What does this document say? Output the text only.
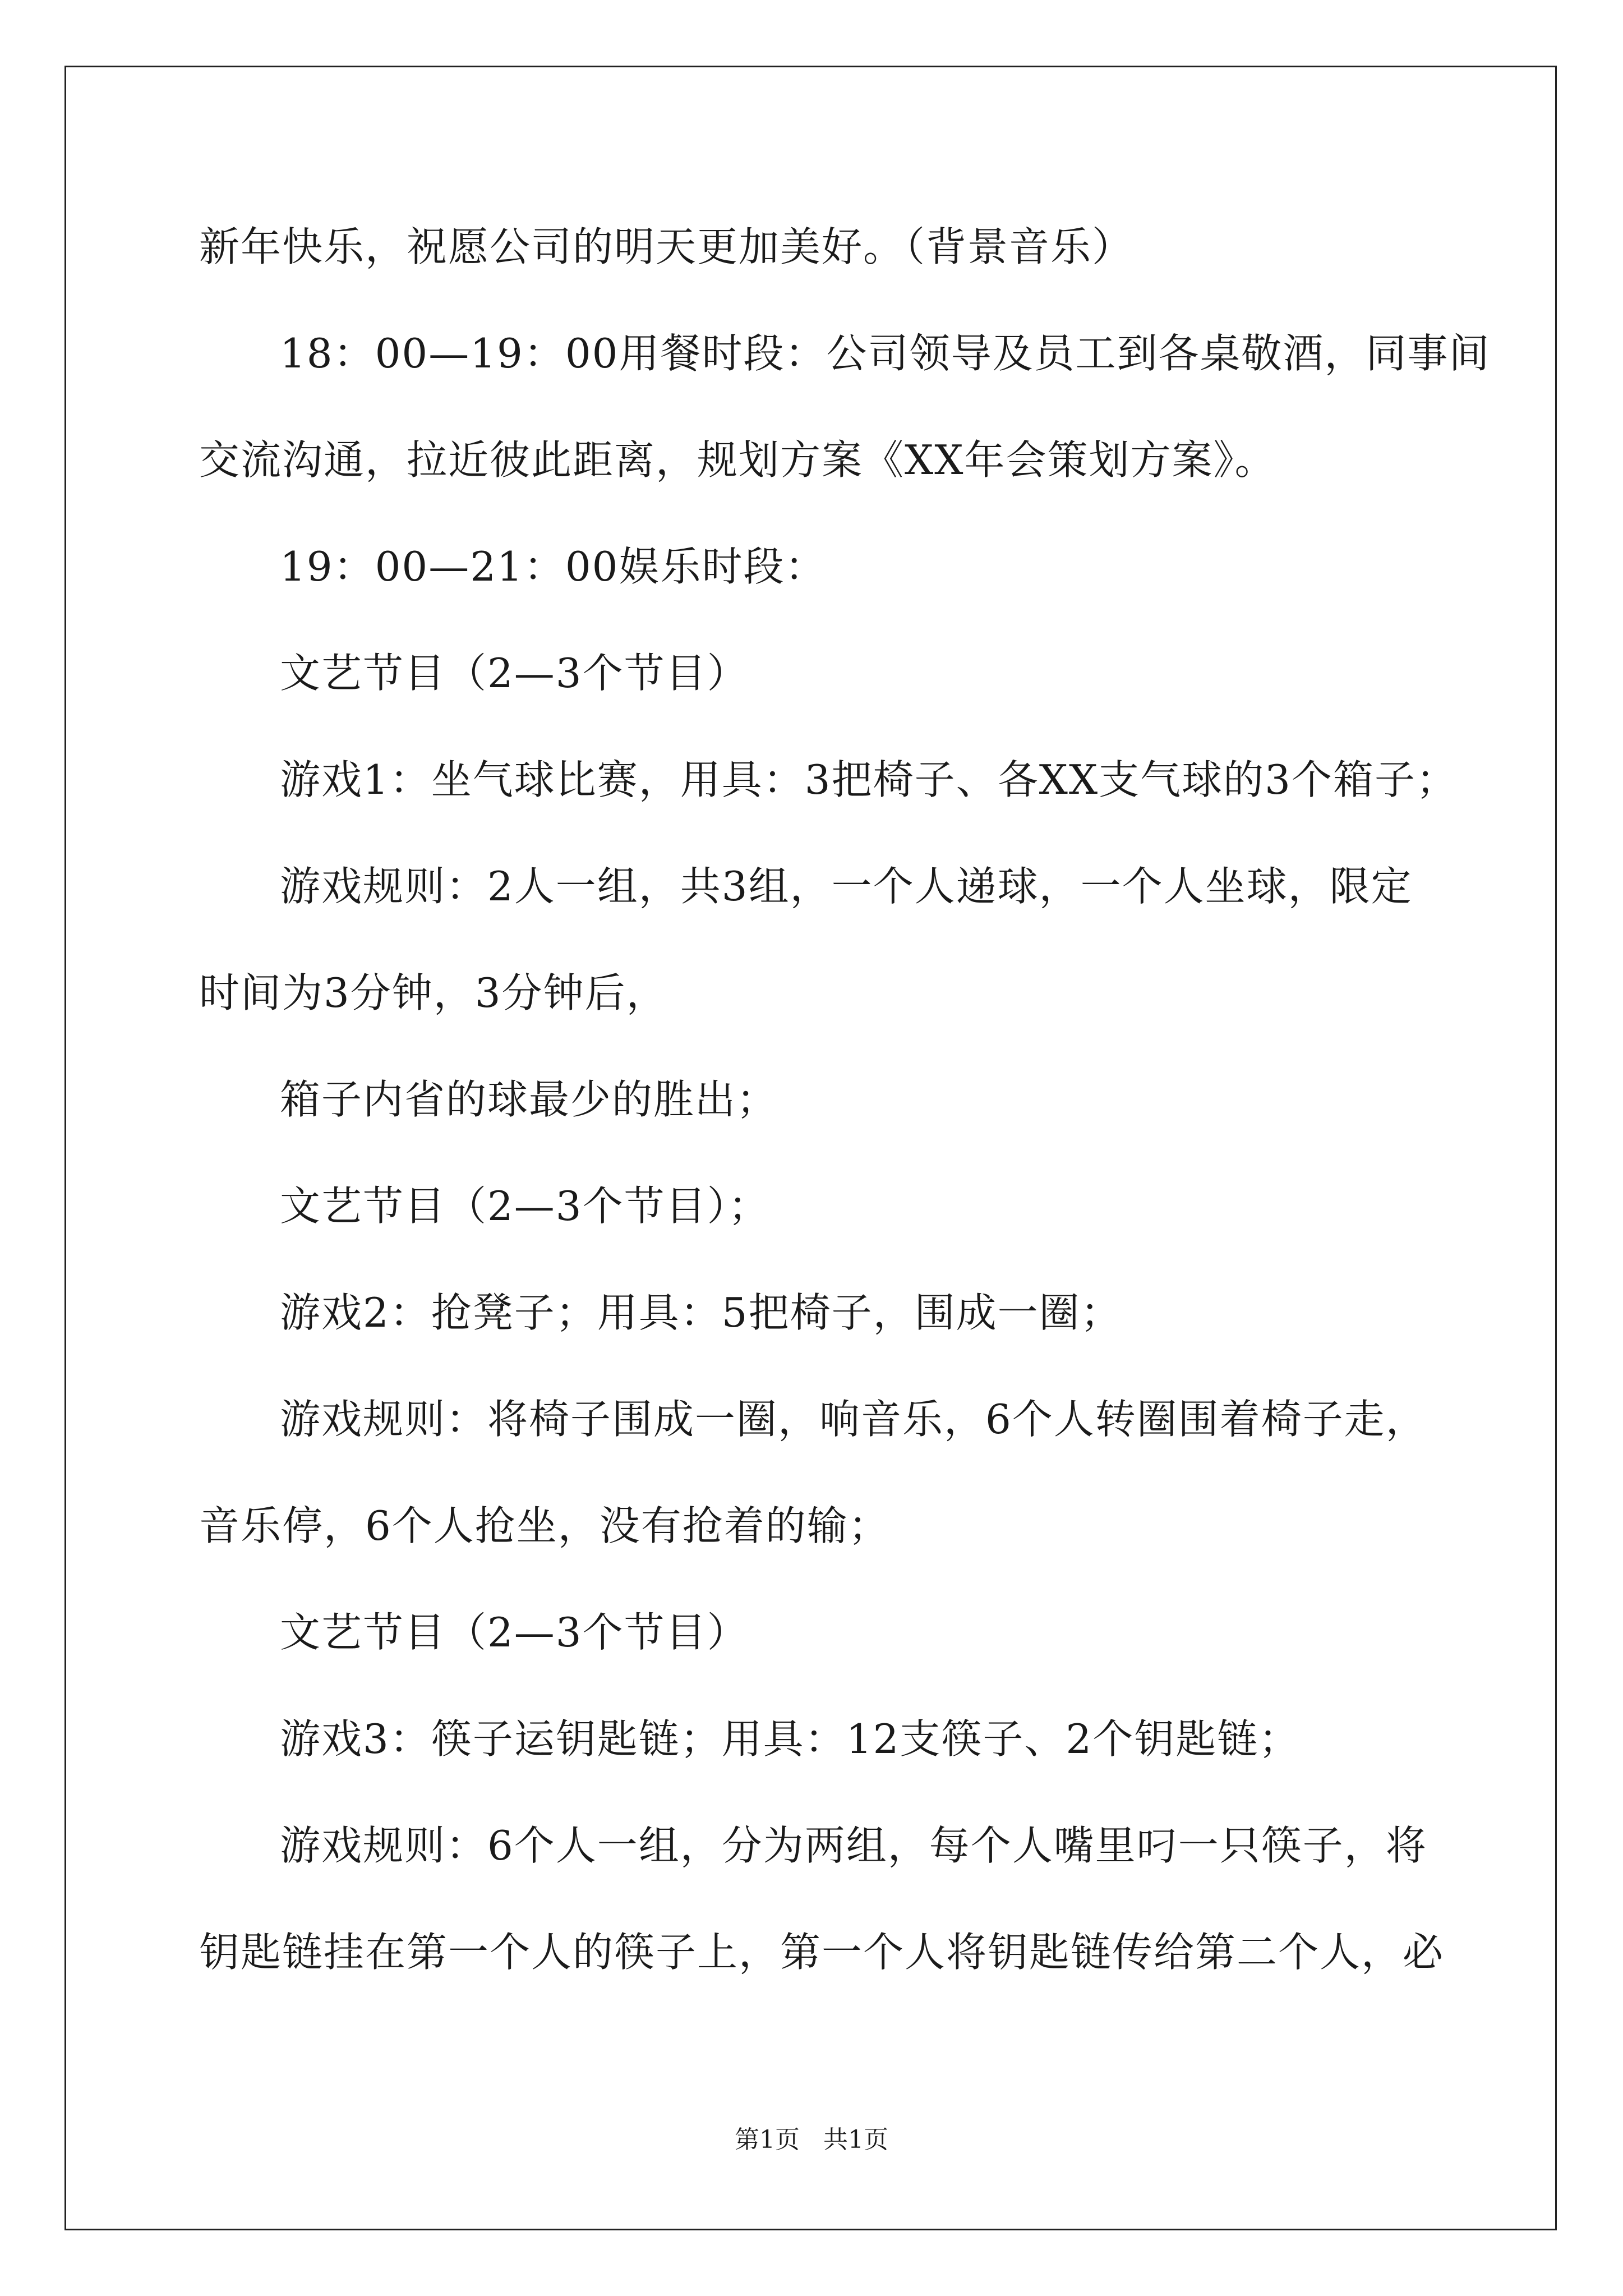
新年快乐，祝愿公司的明天更加美好。（背景音乐）

18：00—19：00用餐时段：公司领导及员工到各桌敬酒，同事间

交流沟通，拉近彼此距离，规划方案《XX年会策划方案》。

19：00—21：00娱乐时段：

文艺节目（2—3个节目）

游戏1：坐气球比赛，用具：3把椅子、各XX支气球的3个箱子；

游戏规则：2人一组，共3组，一个人递球，一个人坐球，限定

时间为3分钟，3分钟后，

箱子内省的球最少的胜出；

文艺节目（2—3个节目）；

游戏2：抢凳子；用具：5把椅子，围成一圈；

游戏规则：将椅子围成一圈，响音乐，6个人转圈围着椅子走，

音乐停，6个人抢坐，没有抢着的输；

文艺节目（2—3个节目）

游戏3：筷子运钥匙链；用具：12支筷子、2个钥匙链；

游戏规则：6个人一组，分为两组，每个人嘴里叼一只筷子，将

钥匙链挂在第一个人的筷子上，第一个人将钥匙链传给第二个人，必

第1页   共1页
